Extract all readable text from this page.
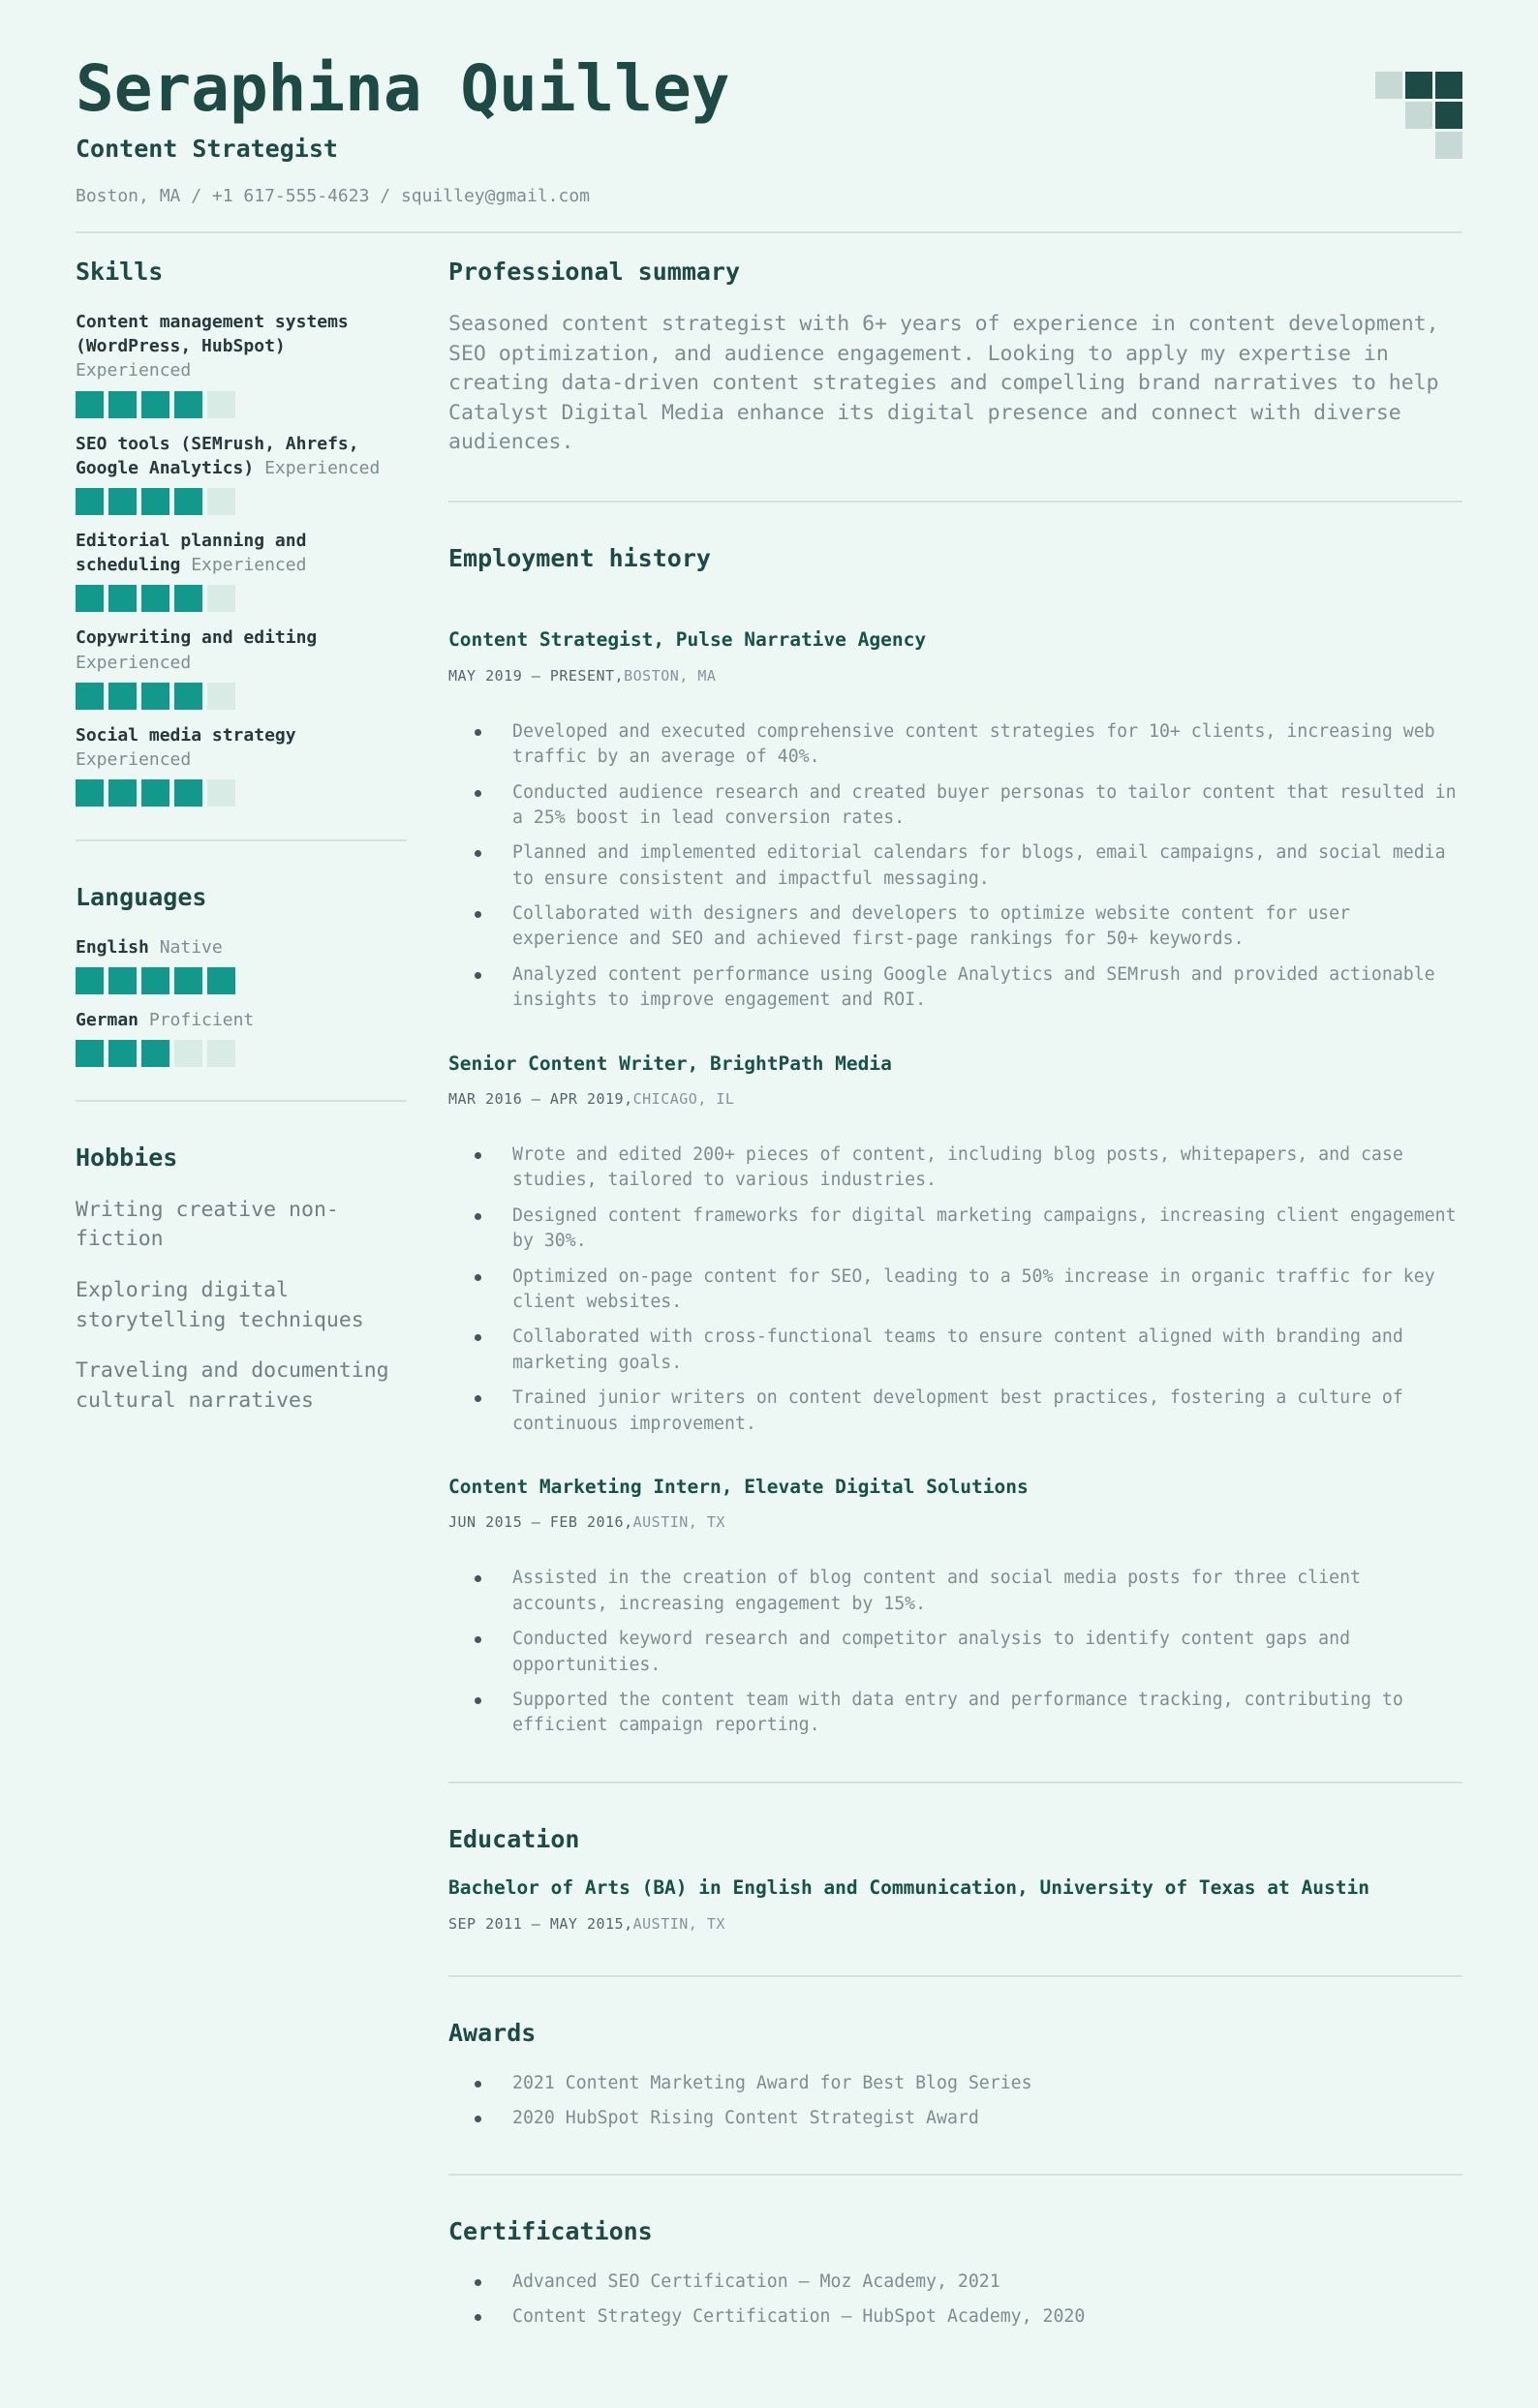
Seraphina Quilley
Content Strategist
Boston, MA / +1 617-555-4623 / squilley@gmail.com
Skills
Content management systems (WordPress, HubSpot) Experienced
SEO tools (SEMrush, Ahrefs, Google Analytics) Experienced
Editorial planning and scheduling Experienced
Copywriting and editing Experienced
Social media strategy Experienced
Languages
English Native
German Proficient
Hobbies
Writing creative non-fiction
Exploring digital storytelling techniques
Traveling and documenting cultural narratives
Professional summary

Seasoned content strategist with 6+ years of experience in content development, SEO optimization, and audience engagement. Looking to apply my expertise in creating data-driven content strategies and compelling brand narratives to help Catalyst Digital Media enhance its digital presence and connect with diverse audiences.

Employment history
Content Strategist, Pulse Narrative Agency
MAY 2019 – PRESENT,BOSTON, MA
Developed and executed comprehensive content strategies for 10+ clients, increasing web traffic by an average of 40%.
Conducted audience research and created buyer personas to tailor content that resulted in a 25% boost in lead conversion rates.
Planned and implemented editorial calendars for blogs, email campaigns, and social media to ensure consistent and impactful messaging.
Collaborated with designers and developers to optimize website content for user experience and SEO and achieved first-page rankings for 50+ keywords.
Analyzed content performance using Google Analytics and SEMrush and provided actionable insights to improve engagement and ROI.
Senior Content Writer, BrightPath Media
MAR 2016 – APR 2019,CHICAGO, IL
Wrote and edited 200+ pieces of content, including blog posts, whitepapers, and case studies, tailored to various industries.
Designed content frameworks for digital marketing campaigns, increasing client engagement by 30%.
Optimized on-page content for SEO, leading to a 50% increase in organic traffic for key client websites.
Collaborated with cross-functional teams to ensure content aligned with branding and marketing goals.
Trained junior writers on content development best practices, fostering a culture of continuous improvement.
Content Marketing Intern, Elevate Digital Solutions
JUN 2015 – FEB 2016,AUSTIN, TX
Assisted in the creation of blog content and social media posts for three client accounts, increasing engagement by 15%.
Conducted keyword research and competitor analysis to identify content gaps and opportunities.
Supported the content team with data entry and performance tracking, contributing to efficient campaign reporting.
Education
Bachelor of Arts (BA) in English and Communication, University of Texas at Austin
SEP 2011 – MAY 2015,AUSTIN, TX
Awards
2021 Content Marketing Award for Best Blog Series
2020 HubSpot Rising Content Strategist Award
Certifications
Advanced SEO Certification – Moz Academy, 2021
Content Strategy Certification – HubSpot Academy, 2020
